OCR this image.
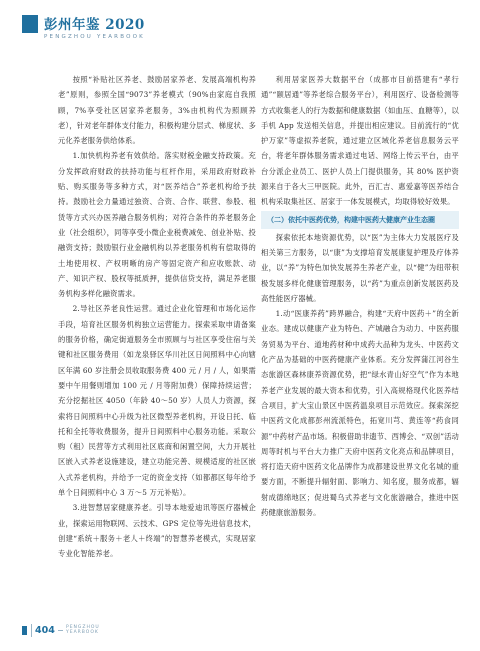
彭州年鉴 2020
PENGZHOU YEARBOOK

按照“补贴社区养老、鼓励居家养老、发展高端机构养老”原则，参照全国“9073”养老模式（90%由家庭自我照顾，7%享受社区居家养老服务，3%由机构代为照顾养老），针对老年群体支付能力，积极构建分层式、梯度状、多元化养老服务供给体系。

1.加快机构养老有效供给。落实财税金融支持政策。充分发挥政府财政的扶持功能与杠杆作用，采用政府财政补贴、购买服务等多种方式，对“医养结合”养老机构给予扶持。鼓励社会力量通过独资、合资、合作、联营、参股、租赁等方式兴办医养融合服务机构；对符合条件的养老服务企业（社会组织），同等享受小微企业税费减免、创业补贴、投融资支持；鼓励银行业金融机构以养老服务机构有偿取得的土地使用权、产权明晰的房产等固定资产和应收账款、动产、知识产权、股权等抵质押，提供信贷支持，满足养老服务机构多样化融资需求。

2.导社区养老良性运营。通过企业化管理和市场化运作手段，培育社区服务机构独立运营能力。探索采取申请备案的服务价格，确定街道服务全市照顾与与社区享受住宿与关键和社区服务费用（如龙泉驿区华川社区日间照料中心向辖区年满 60 岁注册会员收取服务费 400 元 / 月 / 人，如果需要中午用餐则增加 100 元 / 月等附加费）保障持续运营；充分挖掘社区 4050（年龄 40～50 岁）人员人力资源，探索将日间照料中心升级为社区微型养老机构，开设日托、临托和全托等收费服务，提升日间照料中心服务功能。采取公购（租）民营等方式利用社区底商和闲置空间，大力开展社区嵌入式养老设施建设，建立功能完善、规模适度的社区嵌入式养老机构，并给予一定的资金支持（如都都区每年给予单个日间照料中心 3 万～5 万元补贴）。

3.进智慧居家健康养老。引导本地爱迪讯等医疗器械企业，探索运用物联网、云技术、GPS 定位等先进信息技术，创建“系统＋服务＋老人＋终端”的智慧养老模式，实现居家专业化智能养老。

利用居家医养大数据平台（成都市目前搭建有“孝行通”“颐居通”等养老综合服务平台），利用医疗、设备检测等方式收集老人的行为数据和健康数据（如血压、血糖等），以手机 App 发送相关信息，并提出相应建议。目前流行的“优护万家”等虚拟养老院，通过建立区域化养老信息服务云平台，将老年群体服务需求通过电话、网络上传云平台，由平台分派企业员工、医护人员上门提供服务，其 80% 医护资源来自于各大三甲医院。此外，百汇吉、惠爱嘉等医养结合机构采取集社区、居家于一体发展模式，均取得较好效果。

（二）依托中医药优势，构建中医药大健康产业生态圈

探索依托本地资源优势，以“医”为主体大力发展医疗及相关第三方服务，以“康”为支撑培育发展康复护理及疗体养业，以“养”为特色加快发展养生养老产业，以“健”为纽带积极发展多样化健康管理服务，以“药”为重点创新发展医药及高性能医疗器械。

1.动“医康养药”跨界融合，构建“天府中医药＋”的全新业态。建成以健康产业为特色、产城融合为动力、中医药服务贸易为平台、道地药材种中成药大品种为龙头、中医药文化产品为基础的中医药健康产业体系。充分发挥蒲江河谷生态旅游区森林康养资源优势，把“绿水青山好空气”作为本地养老产业发展的最大资本和优势，引入高规格现代化医养结合项目，扩大宝山景区中医药温泉项目示范效应。探索深挖中医药文化成都彭州流派特色，拓宽川芎、黄连等“药食同源”中药材产品市场。积极借助非遗节、西博会、“双创”活动周等时机与平台大力推广天府中医药文化亮点和品牌项目，将打造天府中医药文化品牌作为成都建设世界文化名城的重要方面，不断提升辐射面、影响力、知名度，服务成都，辐射成德绵地区；促进蜀乌式养老与文化旅游融合，推进中医药健康旅游服务。

404 PENGZHOU
YEARBOOK
